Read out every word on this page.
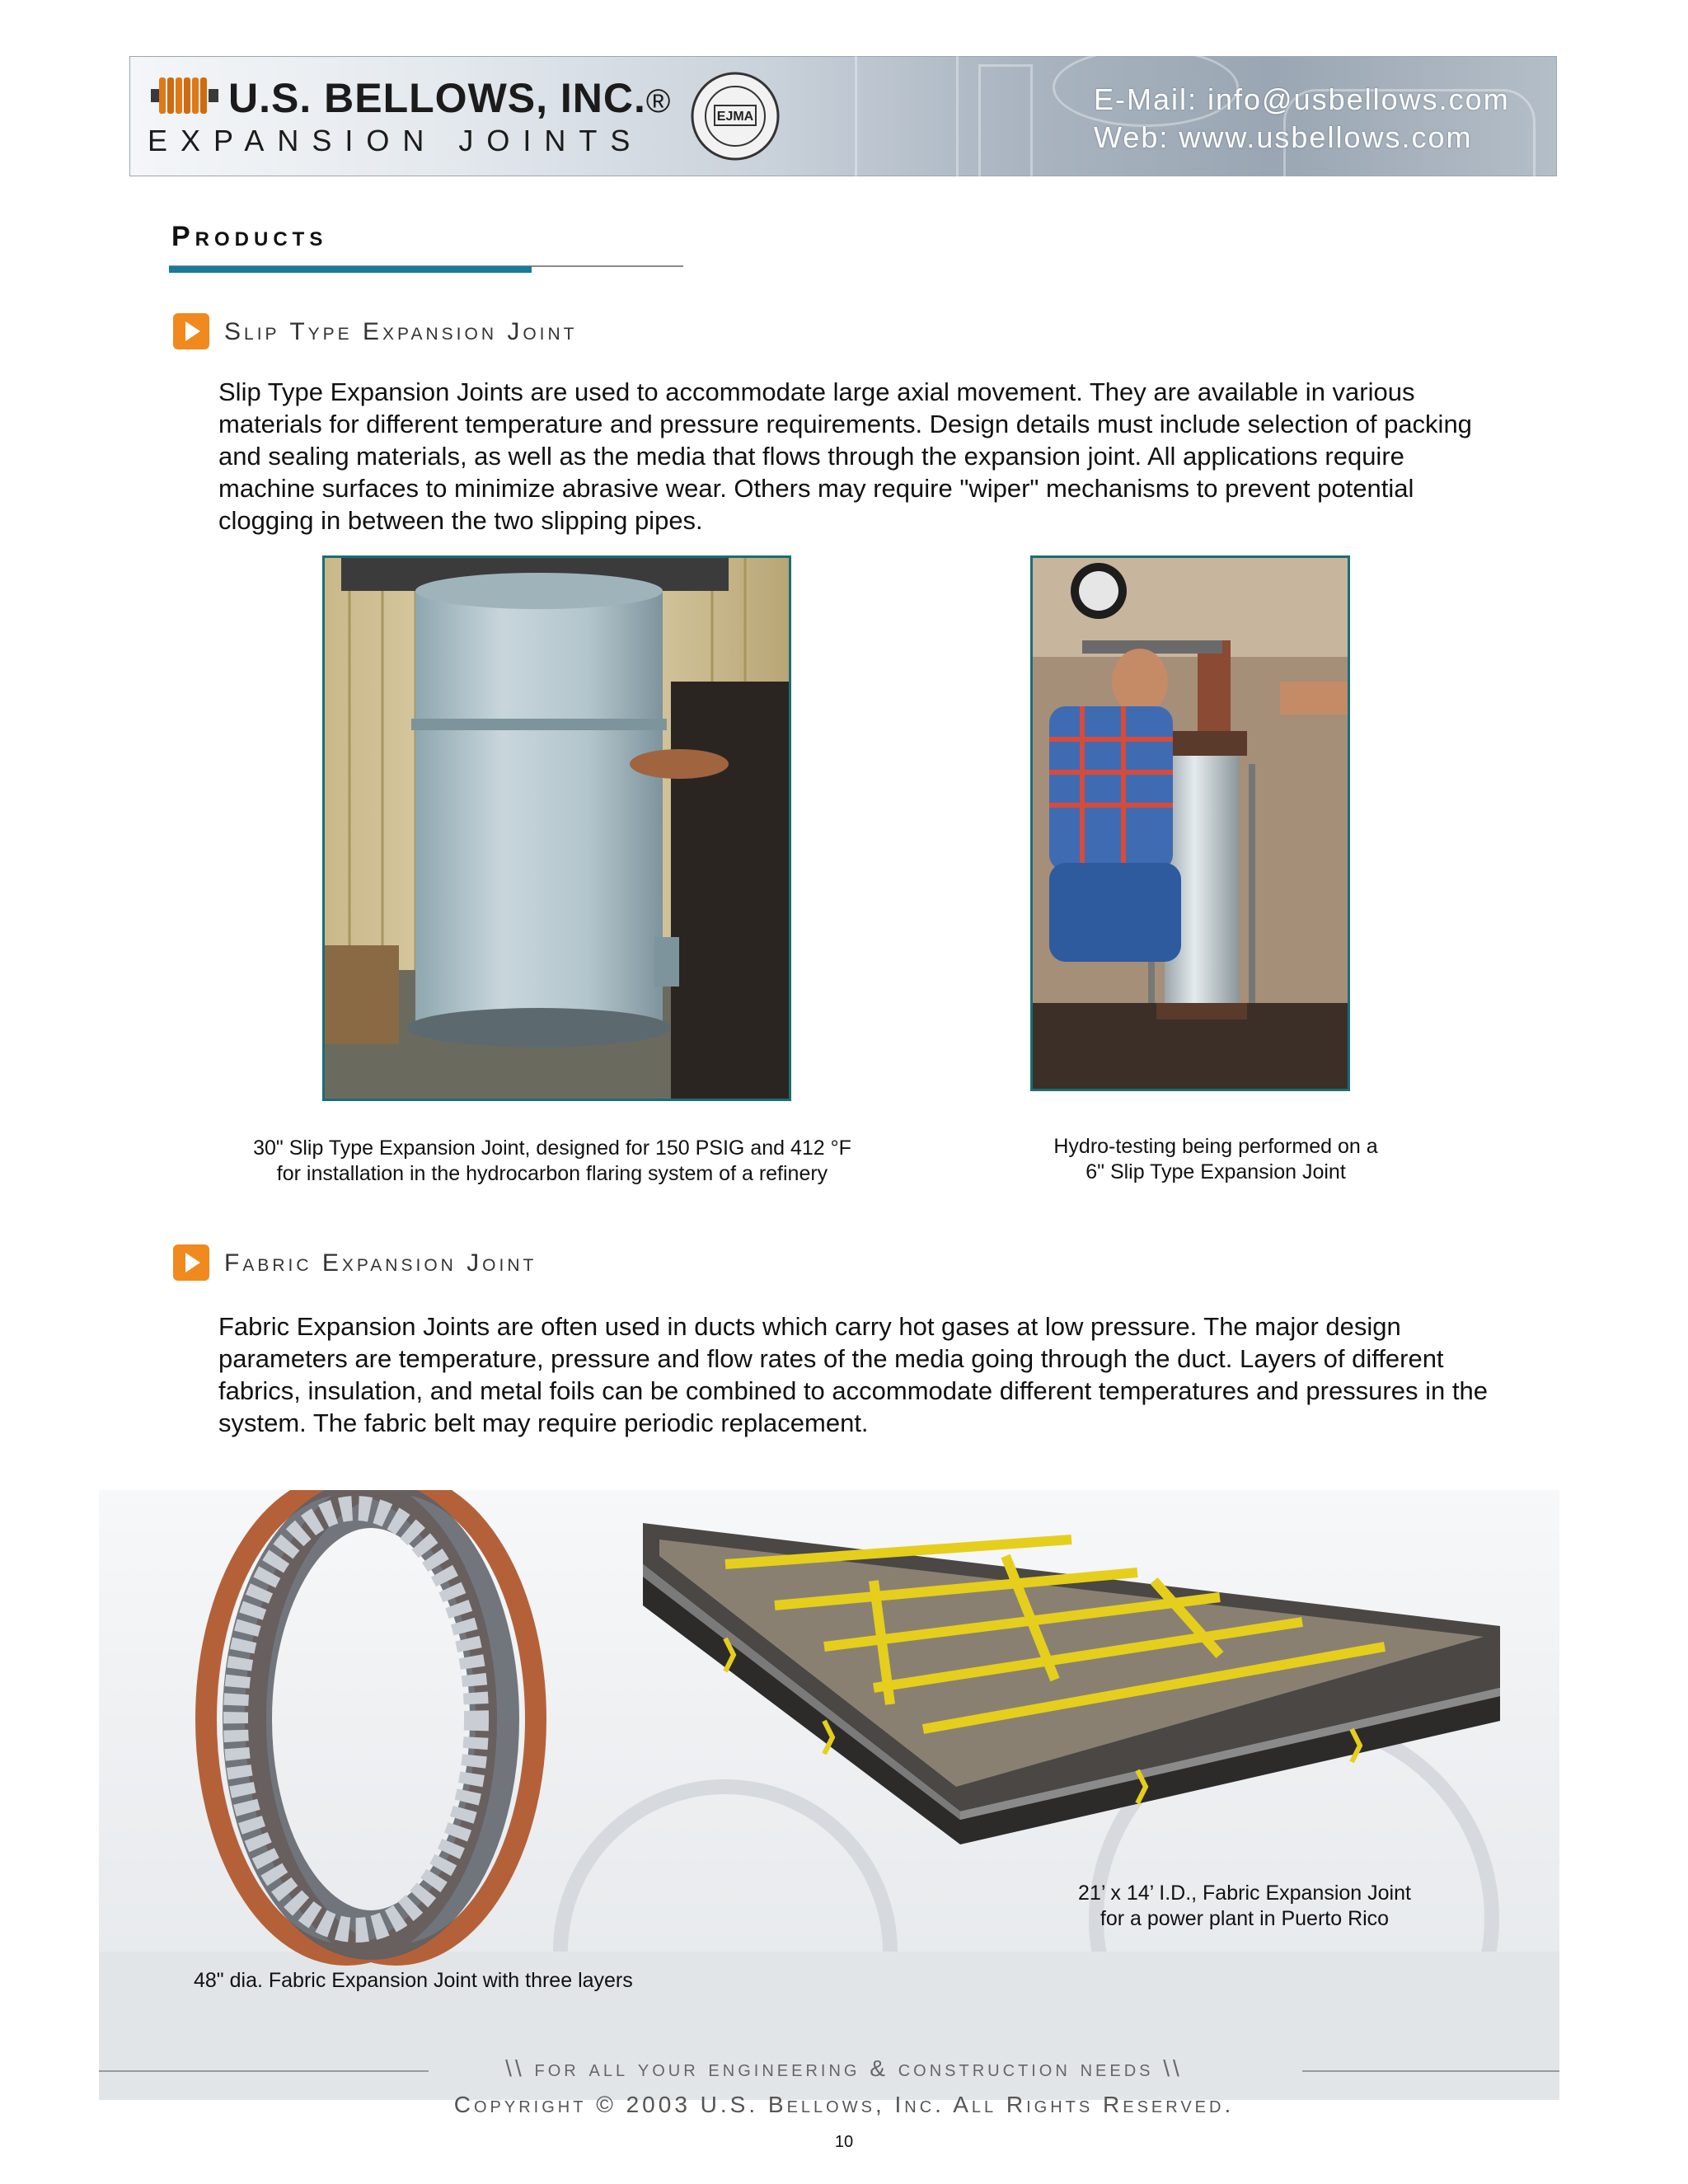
U.S. BELLOWS, INC.®
EXPANSION JOINTS
EJMA
E-Mail: info@usbellows.com
Web: www.usbellows.com
Products
Slip Type Expansion Joint
Slip Type Expansion Joints are used to accommodate large axial movement. They are available in various materials for different temperature and pressure requirements. Design details must include selection of packing and sealing materials, as well as the media that flows through the expansion joint. All applications require machine surfaces to minimize abrasive wear. Others may require "wiper" mechanisms to prevent potential clogging in between the two slipping pipes.
30" Slip Type Expansion Joint, designed for 150 PSIG and 412 °F
for installation in the hydrocarbon flaring system of a refinery
Hydro-testing being performed on a
6" Slip Type Expansion Joint
Fabric Expansion Joint
Fabric Expansion Joints are often used in ducts which carry hot gases at low pressure. The major design parameters are temperature, pressure and flow rates of the media going through the duct. Layers of different fabrics, insulation, and metal foils can be combined to accommodate different temperatures and pressures in the system. The fabric belt may require periodic replacement.
21’ x 14’ I.D., Fabric Expansion Joint
for a power plant in Puerto Rico
48" dia. Fabric Expansion Joint with three layers
\\ for all your engineering & construction needs \\
Copyright © 2003 U.S. Bellows, Inc. All Rights Reserved.
10
